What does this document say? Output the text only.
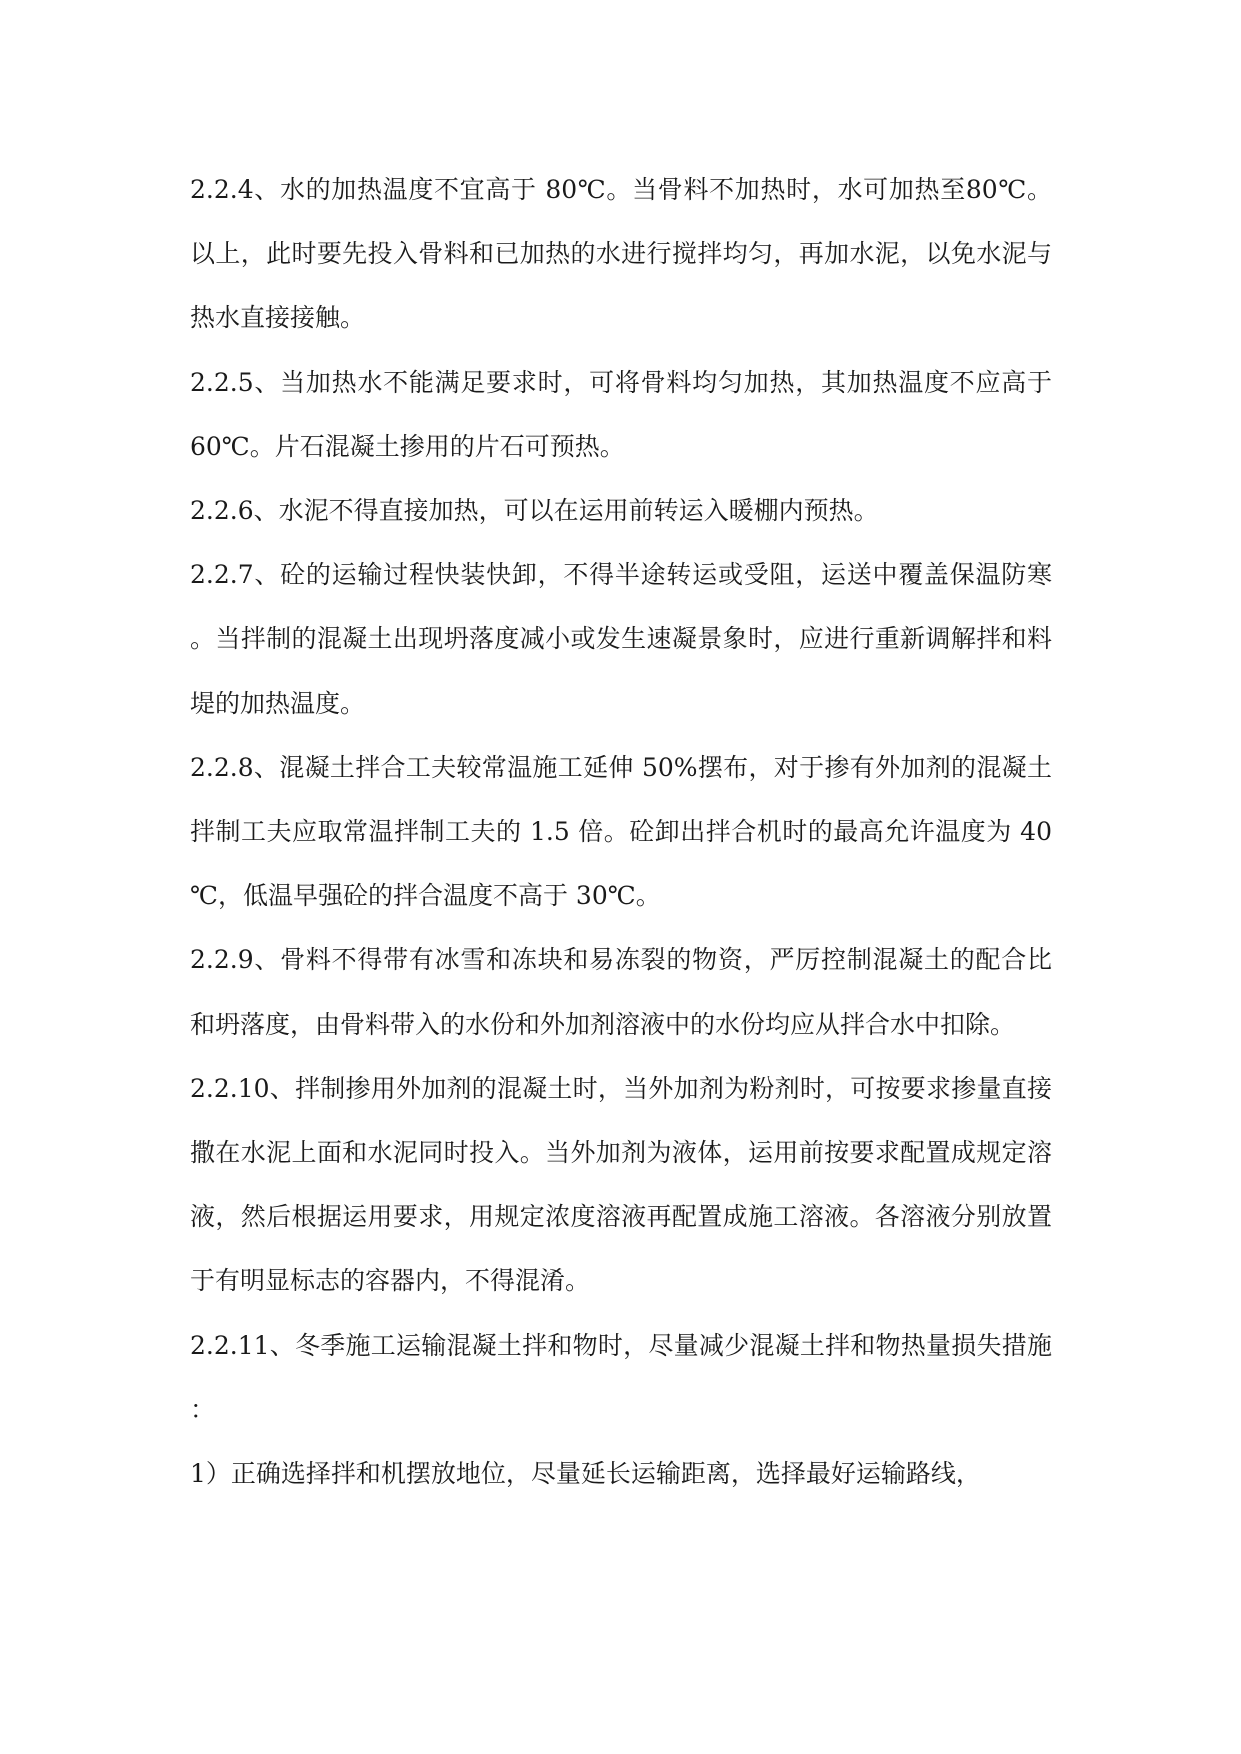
2.2.4、水的加热温度不宜高于 80℃。当骨料不加热时，水可加热至80℃。以上，此时要先投入骨料和已加热的水进行搅拌均匀，再加水泥，以免水泥与热水直接接触。

2.2.5、当加热水不能满足要求时，可将骨料均匀加热，其加热温度不应高于 60℃。片石混凝土掺用的片石可预热。

2.2.6、水泥不得直接加热，可以在运用前转运入暖棚内预热。

2.2.7、砼的运输过程快装快卸，不得半途转运或受阻，运送中覆盖保温防寒。当拌制的混凝土出现坍落度减小或发生速凝景象时，应进行重新调解拌和料堤的加热温度。

2.2.8、混凝土拌合工夫较常温施工延伸 50%摆布，对于掺有外加剂的混凝土拌制工夫应取常温拌制工夫的 1.5 倍。砼卸出拌合机时的最高允许温度为 40℃，低温早强砼的拌合温度不高于 30℃。

2.2.9、骨料不得带有冰雪和冻块和易冻裂的物资，严厉控制混凝土的配合比和坍落度，由骨料带入的水份和外加剂溶液中的水份均应从拌合水中扣除。

2.2.10、拌制掺用外加剂的混凝土时，当外加剂为粉剂时，可按要求掺量直接撒在水泥上面和水泥同时投入。当外加剂为液体，运用前按要求配置成规定溶液，然后根据运用要求，用规定浓度溶液再配置成施工溶液。各溶液分别放置于有明显标志的容器内，不得混淆。

2.2.11、冬季施工运输混凝土拌和物时，尽量减少混凝土拌和物热量损失措施：

1）正确选择拌和机摆放地位，尽量延长运输距离，选择最好运输路线，
